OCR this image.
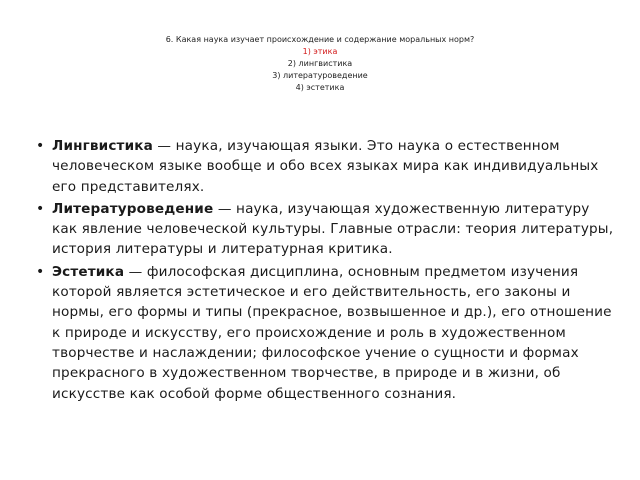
6. Какая наука изучает происхождение и содержание моральных норм?
1) этика
2) лингвистика
3) литературоведение
4) эстетика
• Лингвистика — наука, изучающая языки. Это наука о естественном человеческом языке вообще и обо всех языках мира как индивидуальных его представителях.
• Литературоведение — наука, изучающая художественную литературу как явление человеческой культуры. Главные отрасли: теория литературы, история литературы и литературная критика.
• Эстетика — философская дисциплина, основным предметом изучения которой является эстетическое и его действительность, его законы и нормы, его формы и типы (прекрасное, возвышенное и др.), его отношение к природе и искусству, его происхождение и роль в художественном творчестве и наслаждении; философское учение о сущности и формах прекрасного в художественном творчестве, в природе и в жизни, об искусстве как особой форме общественного сознания.
